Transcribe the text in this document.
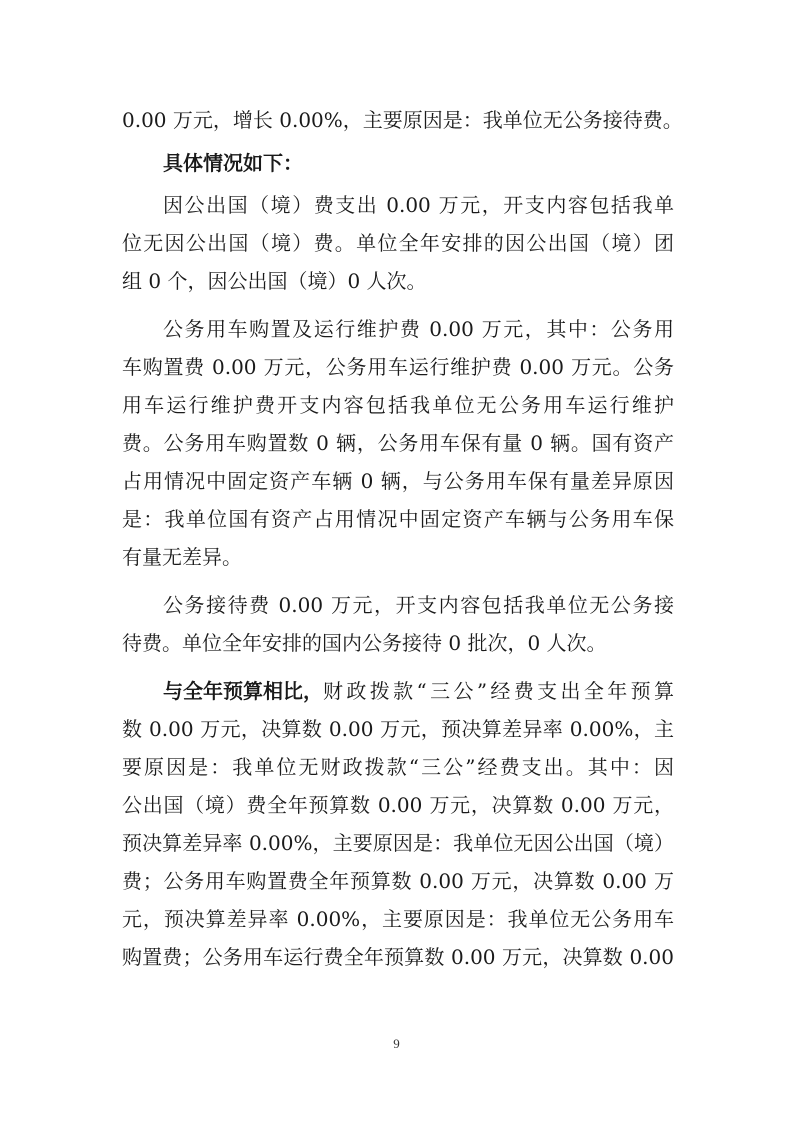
0.00 万元，增长 0.00%，主要原因是：我单位无公务接待费。
具体情况如下：
因公出国（境）费支出 0.00 万元，开支内容包括我单
位无因公出国（境）费。单位全年安排的因公出国（境）团
组 0 个，因公出国（境）0 人次。
公务用车购置及运行维护费 0.00 万元，其中：公务用
车购置费 0.00 万元，公务用车运行维护费 0.00 万元。公务
用车运行维护费开支内容包括我单位无公务用车运行维护
费。公务用车购置数 0 辆，公务用车保有量 0 辆。国有资产
占用情况中固定资产车辆 0 辆，与公务用车保有量差异原因
是：我单位国有资产占用情况中固定资产车辆与公务用车保
有量无差异。
公务接待费 0.00 万元，开支内容包括我单位无公务接
待费。单位全年安排的国内公务接待 0 批次，0 人次。
与全年预算相比， 财政拨款“三公”经费支出全年预算
数 0.00 万元，决算数 0.00 万元，预决算差异率 0.00%，主
要原因是：我单位无财政拨款“三公”经费支出。其中：因
公出国（境）费全年预算数 0.00 万元，决算数 0.00 万元，
预决算差异率 0.00%，主要原因是：我单位无因公出国（境）
费；公务用车购置费全年预算数 0.00 万元，决算数 0.00 万
元，预决算差异率 0.00%，主要原因是：我单位无公务用车
购置费；公务用车运行费全年预算数 0.00 万元，决算数 0.00
9
